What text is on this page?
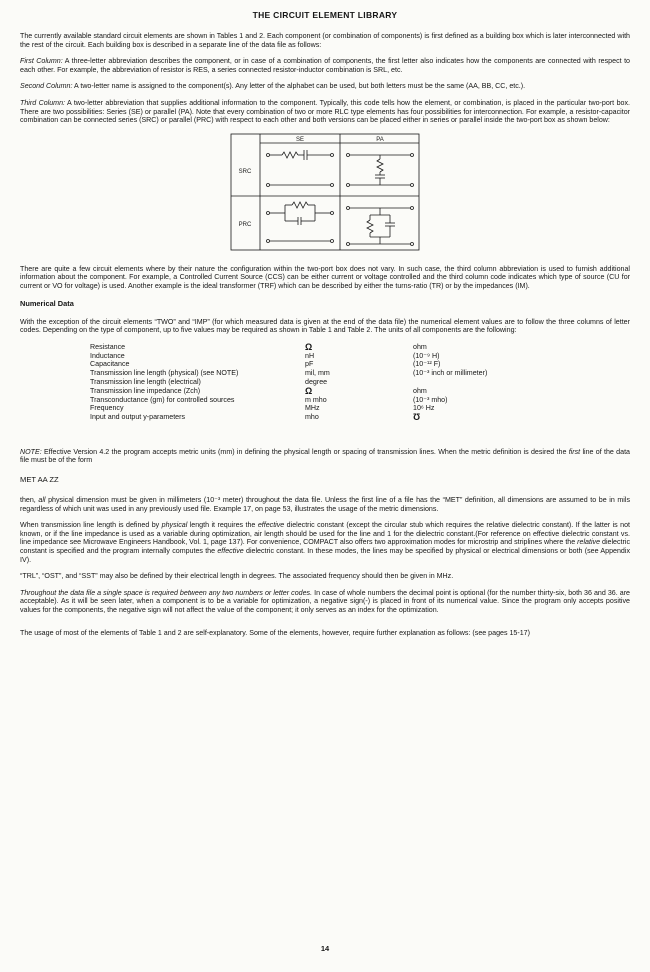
THE CIRCUIT ELEMENT LIBRARY

The currently available standard circuit elements are shown in Tables 1 and 2. Each component (or combination of components) is first defined as a building box which is later interconnected with the rest of the circuit. Each building box is described in a separate line of the data file as follows:

First Column: A three-letter abbreviation describes the component, or in case of a combination of components, the first letter also indicates how the components are connected with respect to each other. For example, the abbreviation of resistor is RES, a series connected resistor-inductor combination is SRL, etc.

Second Column: A two-letter name is assigned to the component(s). Any letter of the alphabet can be used, but both letters must be the same (AA, BB, CC, etc.).

Third Column: A two-letter abbreviation that supplies additional information to the component. Typically, this code tells how the element, or combination, is placed in the particular two-port box. There are two possibilities: Series (SE) or parallel (PA). Note that every combination of two or more RLC type elements has four possibilities for interconnection. For example, a resistor-capacitor combination can be connected series (SRC) or parallel (PRC) with respect to each other and both versions can be placed either in series or parallel inside the two-port box as shown below:

SE	PA
SRC
PRC

There are quite a few circuit elements where by their nature the configuration within the two-port box does not vary. In such case, the third column abbreviation is used to furnish additional information about the component. For example, a Controlled Current Source (CCS) can be either current or voltage controlled and the third column code indicates which type of source (CU for current or VO for voltage) is used. Another example is the ideal transformer (TRF) which can be described by either the turns-ratio (TR) or by the impedances (IM).

Numerical Data

With the exception of the circuit elements “TWO” and “IMP” (for which measured data is given at the end of the data file) the numerical element values are to follow the three columns of letter codes. Depending on the type of component, up to five values may be required as shown in Table 1 and Table 2. The units of all components are the following:

Resistance	Ω	ohm
Inductance	nH	(10⁻⁹ H)
Capacitance	pF	(10⁻¹² F)
Transmission line length (physical) (see NOTE)	mil, mm	(10⁻³ inch or millimeter)
Transmission line length (electrical)	degree
Transmission line impedance (Zch)	Ω	ohm
Transconductance (gm) for controlled sources	m mho	(10⁻³ mho)
Frequency	MHz	10⁶ Hz
Input and output y-parameters	mho	Ʊ

NOTE: Effective Version 4.2 the program accepts metric units (mm) in defining the physical length or spacing of transmission lines. When the metric definition is desired the first line of the data file must be of the form

MET AA ZZ

then, all physical dimension must be given in millimeters (10⁻³ meter) throughout the data file. Unless the first line of a file has the “MET” definition, all dimensions are assumed to be in mils regardless of which unit was used in any previously used file. Example 17, on page 53, illustrates the usage of the metric dimensions.

When transmission line length is defined by physical length it requires the effective dielectric constant (except the circular stub which requires the relative dielectric constant). If the latter is not known, or if the line impedance is used as a variable during optimization, air length should be used for the line and 1 for the dielectric constant.(For reference on effective dielectric constant vs. line impedance see Microwave Engineers Handbook, Vol. 1, page 137). For convenience, COMPACT also offers two approximation modes for microstrip and striplines where the relative dielectric constant is specified and the program internally computes the effective dielectric constant. In these modes, the lines may be specified by physical or electrical dimensions or both (see Appendix IV).

“TRL”, “OST”, and “SST” may also be defined by their electrical length in degrees. The associated frequency should then be given in MHz.

Throughout the data file a single space is required between any two numbers or letter codes. In case of whole numbers the decimal point is optional (for the number thirty-six, both 36 and 36. are acceptable). As it will be seen later, when a component is to be a variable for optimization, a negative sign(-) is placed in front of its numerical value. Since the program only accepts positive values for the components, the negative sign will not affect the value of the component; it only serves as an index for the optimization.

The usage of most of the elements of Table 1 and 2 are self-explanatory. Some of the elements, however, require further explanation as follows: (see pages 15-17)

14
